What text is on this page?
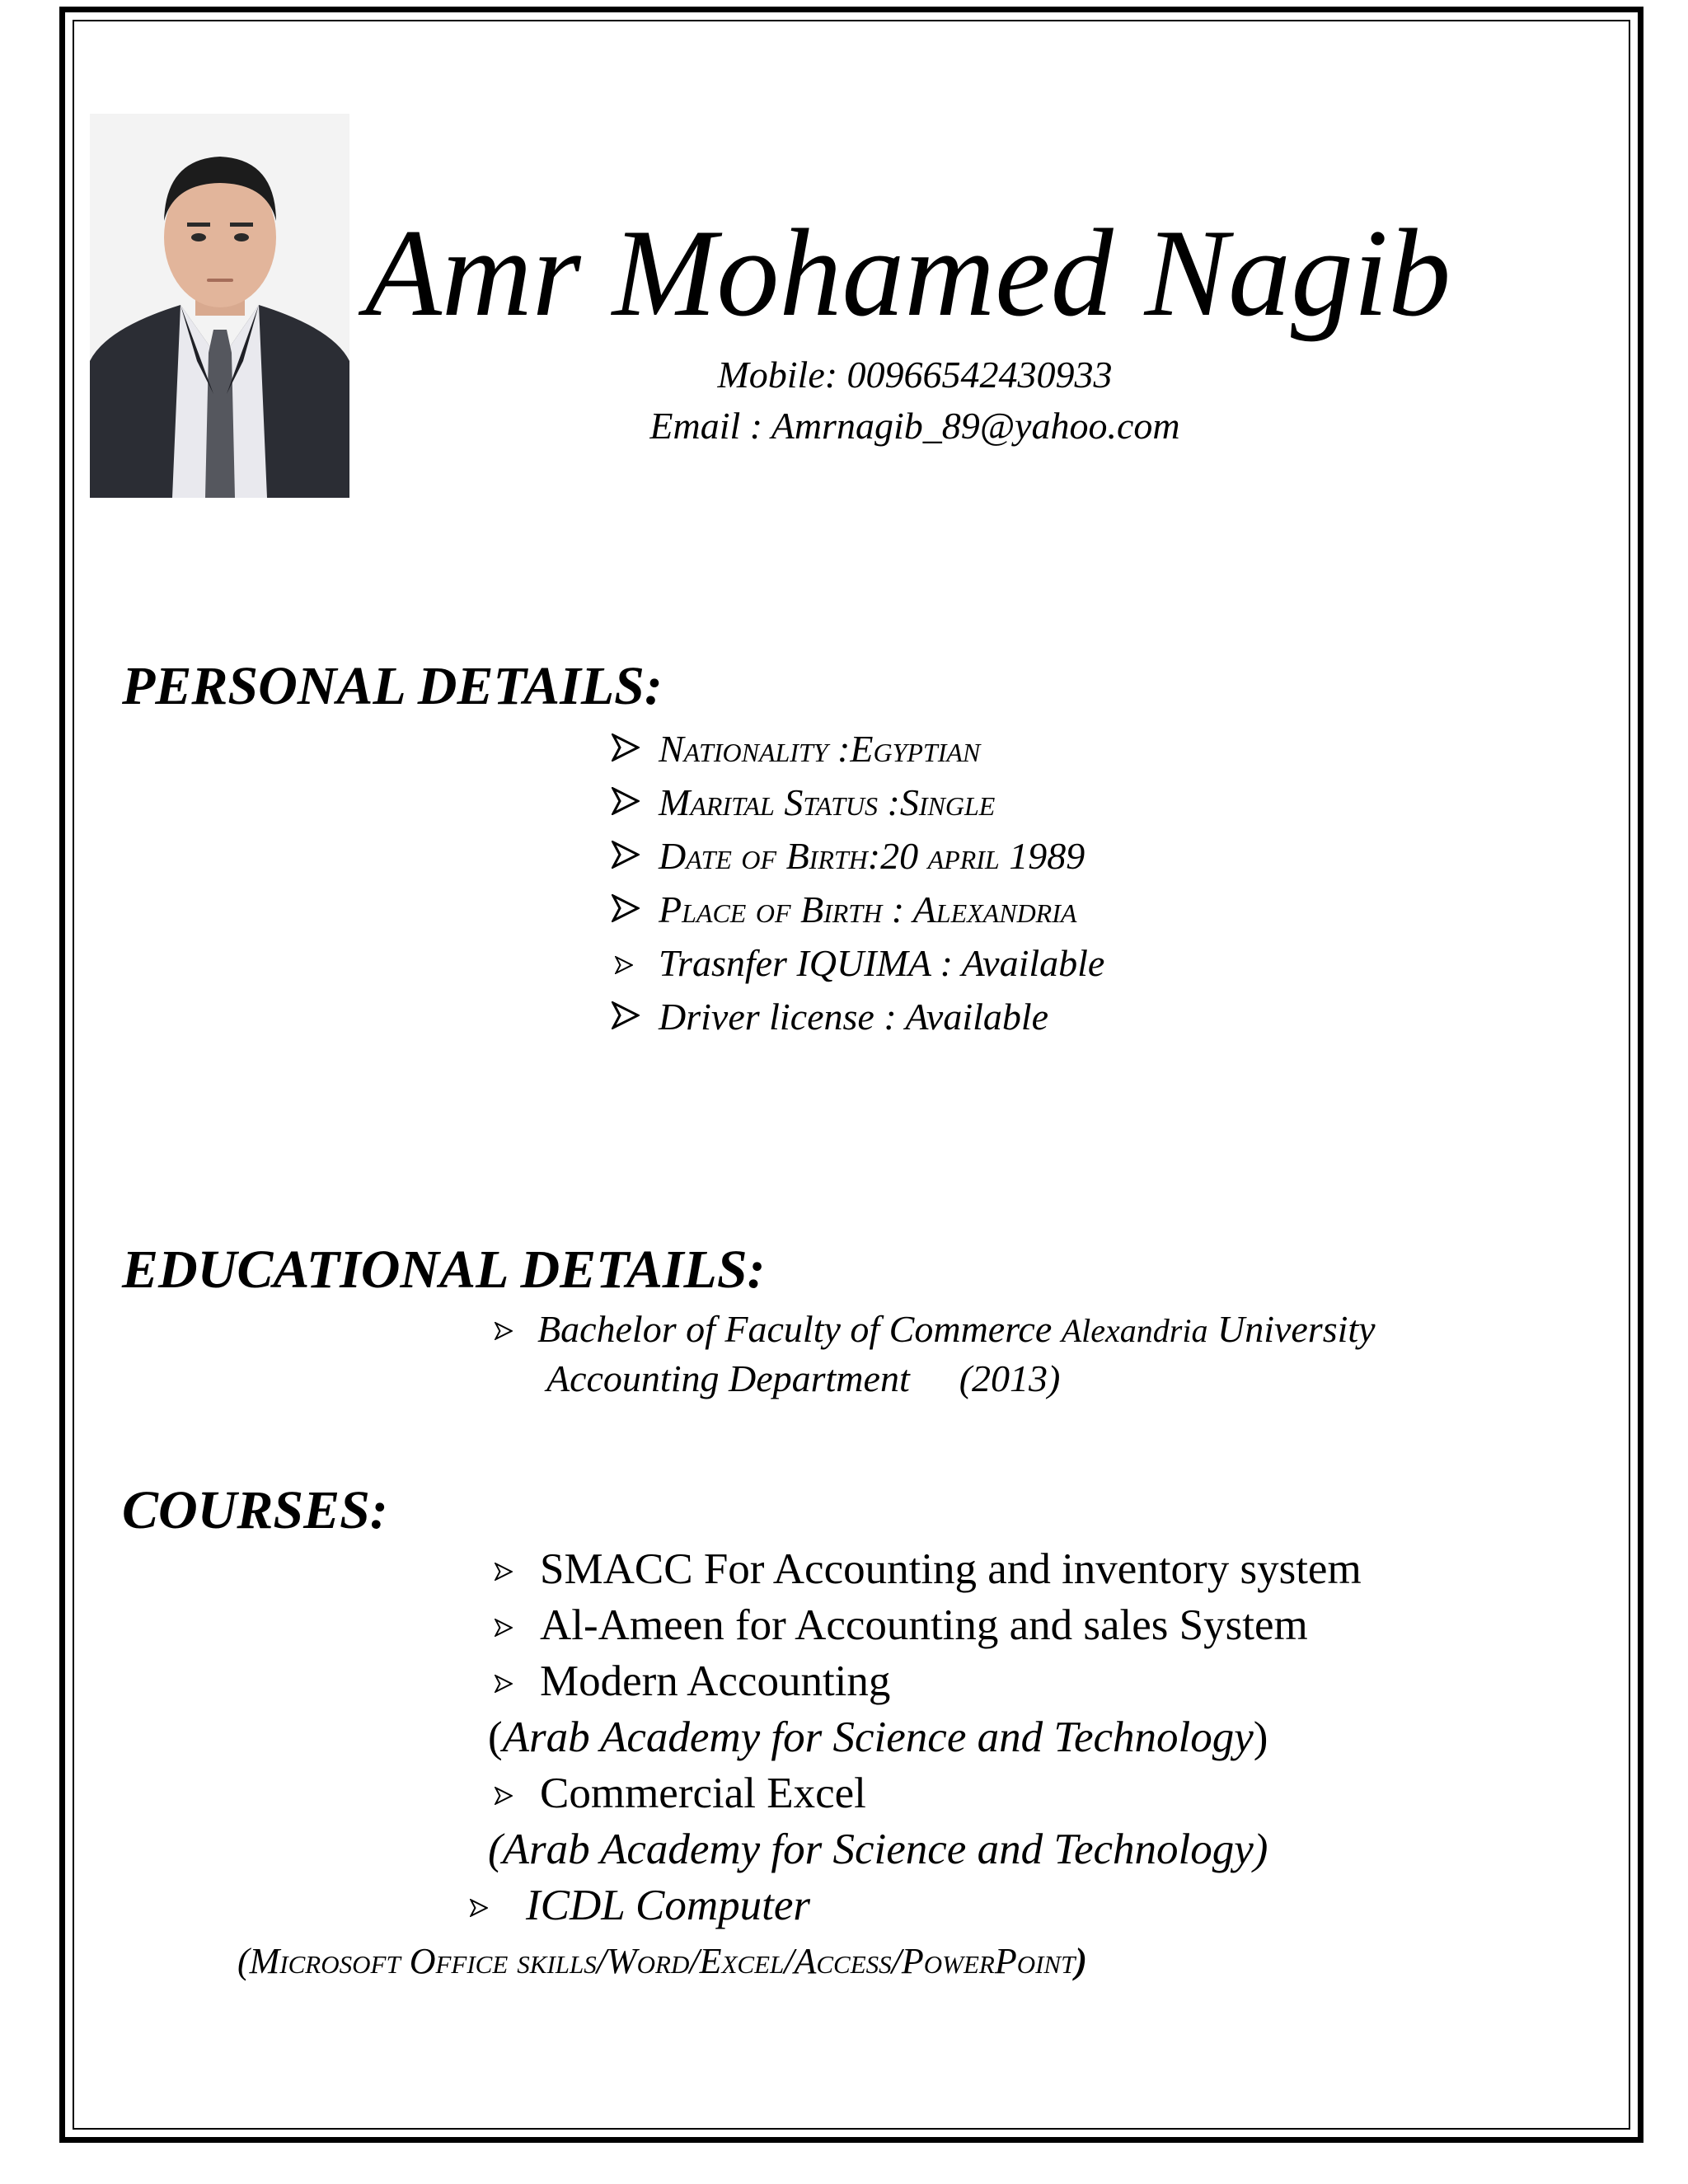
Amr Mohamed Nagib
Mobile: 00966542430933
Email : Amrnagib_89@yahoo.com
PERSONAL DETAILS:
Nationality :Egyptian
Marital Status :Single
Date of Birth:20 april 1989
Place of Birth : Alexandria
Trasnfer IQUIMA : Available
Driver license : Available
EDUCATIONAL DETAILS:
Bachelor of Faculty of Commerce Alexandria University
Accounting Department (2013)
COURSES:
SMACC For Accounting and inventory system
Al-Ameen for Accounting and sales System
Modern Accounting
(Arab Academy for Science and Technology)
Commercial Excel
(Arab Academy for Science and Technology)
ICDL Computer
(Microsoft Office skills/Word/Excel/Access/PowerPoint)
